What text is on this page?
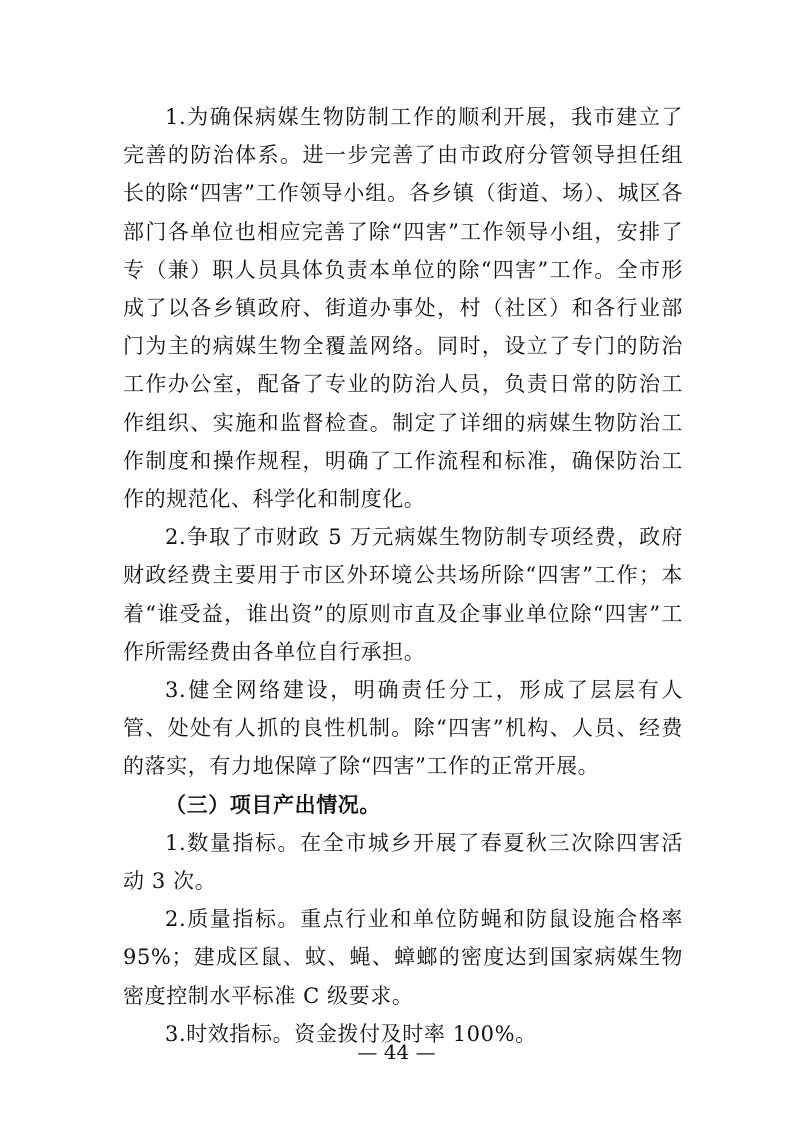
1.为确保病媒生物防制工作的顺利开展，我市建立了完善的防治体系。进一步完善了由市政府分管领导担任组长的除“四害”工作领导小组。各乡镇（街道、场）、城区各部门各单位也相应完善了除“四害”工作领导小组，安排了专（兼）职人员具体负责本单位的除“四害”工作。全市形成了以各乡镇政府、街道办事处，村（社区）和各行业部门为主的病媒生物全覆盖网络。同时，设立了专门的防治工作办公室，配备了专业的防治人员，负责日常的防治工作组织、实施和监督检查。制定了详细的病媒生物防治工作制度和操作规程，明确了工作流程和标准，确保防治工作的规范化、科学化和制度化。

2.争取了市财政 5 万元病媒生物防制专项经费，政府财政经费主要用于市区外环境公共场所除“四害”工作；本着“谁受益，谁出资”的原则市直及企事业单位除“四害”工作所需经费由各单位自行承担。

3.健全网络建设，明确责任分工，形成了层层有人管、处处有人抓的良性机制。除“四害”机构、人员、经费的落实，有力地保障了除“四害”工作的正常开展。

（三）项目产出情况。

1.数量指标。在全市城乡开展了春夏秋三次除四害活动 3 次。

2.质量指标。重点行业和单位防蝇和防鼠设施合格率 95%；建成区鼠、蚊、蝇、蟑螂的密度达到国家病媒生物密度控制水平标准 C 级要求。

3.时效指标。资金拨付及时率 100%。

— 44 —
